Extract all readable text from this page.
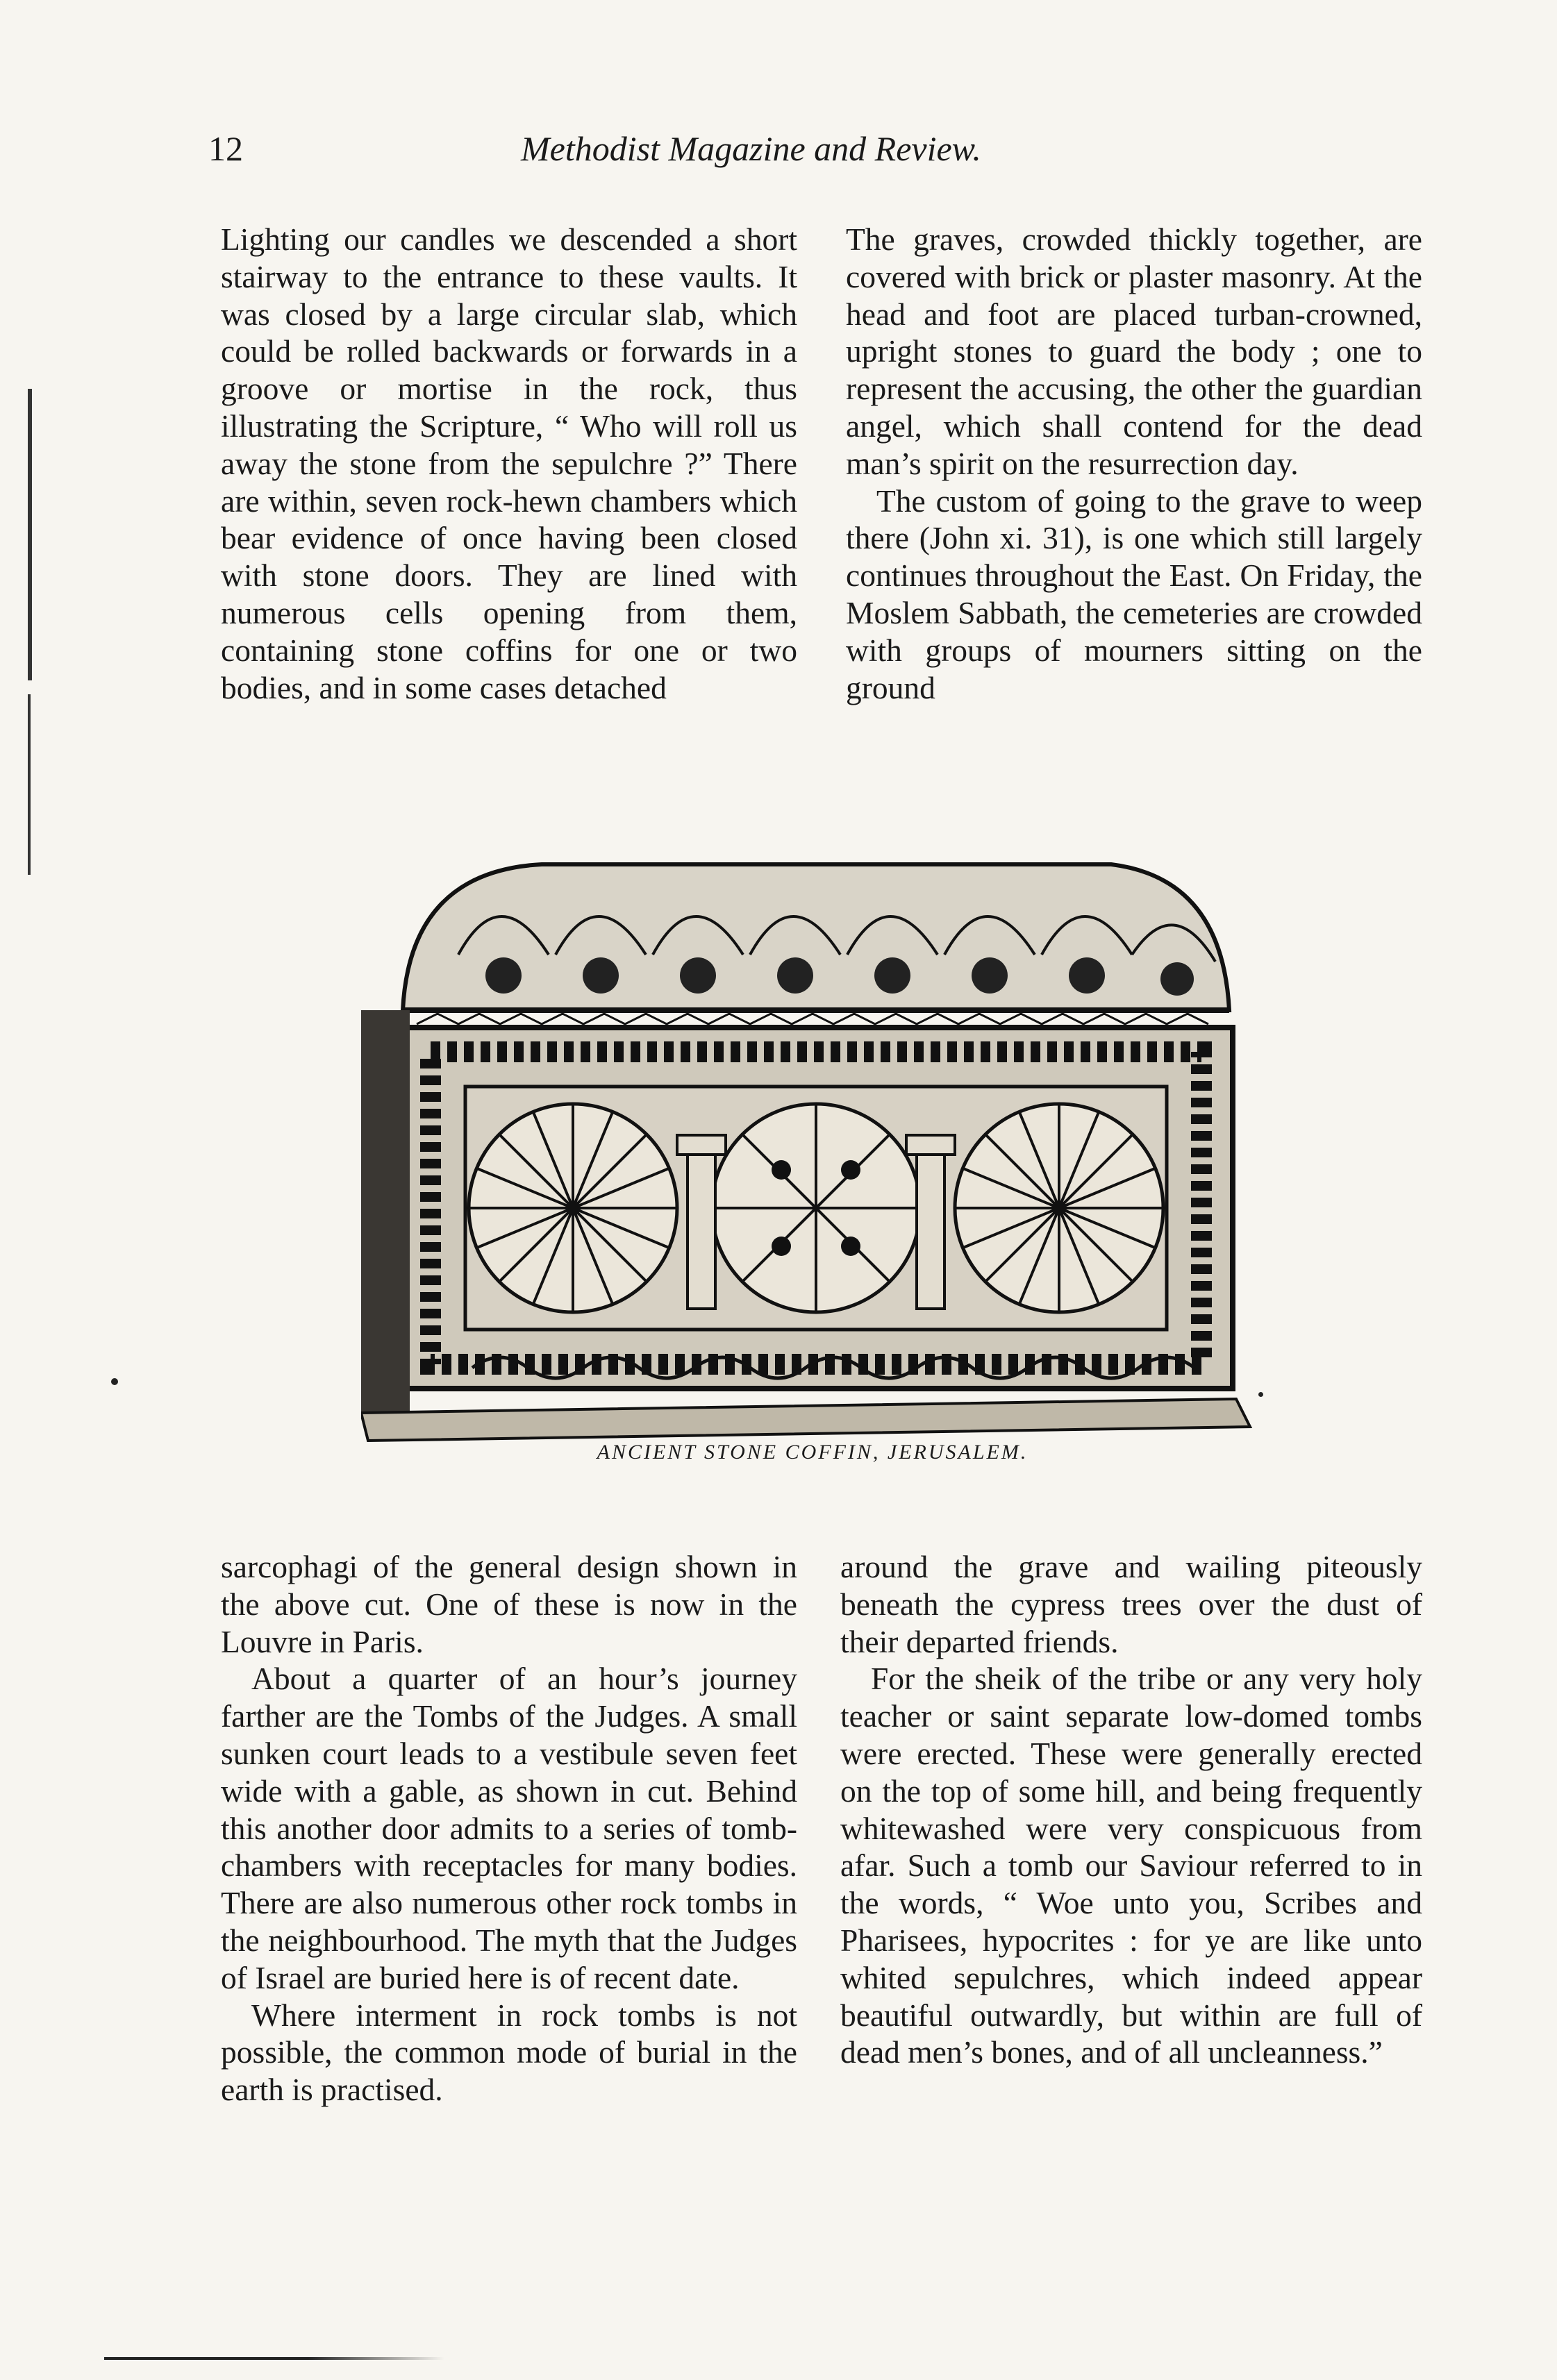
12	Methodist Magazine and Review.

Lighting our candles we descended a short stairway to the entrance to these vaults. It was closed by a large circular slab, which could be rolled backwards or forwards in a groove or mortise in the rock, thus illustrating the Scripture, “ Who will roll us away the stone from the sepulchre ?” There are within, seven rock-hewn chambers which bear evidence of once having been closed with stone doors. They are lined with numerous cells opening from them, containing stone coffins for one or two bodies, and in some cases detached

The graves, crowded thickly together, are covered with brick or plaster masonry. At the head and foot are placed turban-crowned, upright stones to guard the body ; one to represent the accusing, the other the guardian angel, which shall contend for the dead man’s spirit on the resurrection day.

The custom of going to the grave to weep there (John xi. 31), is one which still largely continues throughout the East. On Friday, the Moslem Sabbath, the cemeteries are crowded with groups of mourners sitting on the ground

ANCIENT STONE COFFIN, JERUSALEM.

sarcophagi of the general design shown in the above cut. One of these is now in the Louvre in Paris.

About a quarter of an hour’s journey farther are the Tombs of the Judges. A small sunken court leads to a vestibule seven feet wide with a gable, as shown in cut. Behind this another door admits to a series of tomb-chambers with receptacles for many bodies. There are also numerous other rock tombs in the neighbourhood. The myth that the Judges of Israel are buried here is of recent date.

Where interment in rock tombs is not possible, the common mode of burial in the earth is practised.

around the grave and wailing piteously beneath the cypress trees over the dust of their departed friends.

For the sheik of the tribe or any very holy teacher or saint separate low-domed tombs were erected. These were generally erected on the top of some hill, and being frequently whitewashed were very conspicuous from afar. Such a tomb our Saviour referred to in the words, “ Woe unto you, Scribes and Pharisees, hypocrites : for ye are like unto whited sepulchres, which indeed appear beautiful outwardly, but within are full of dead men’s bones, and of all uncleanness.”
